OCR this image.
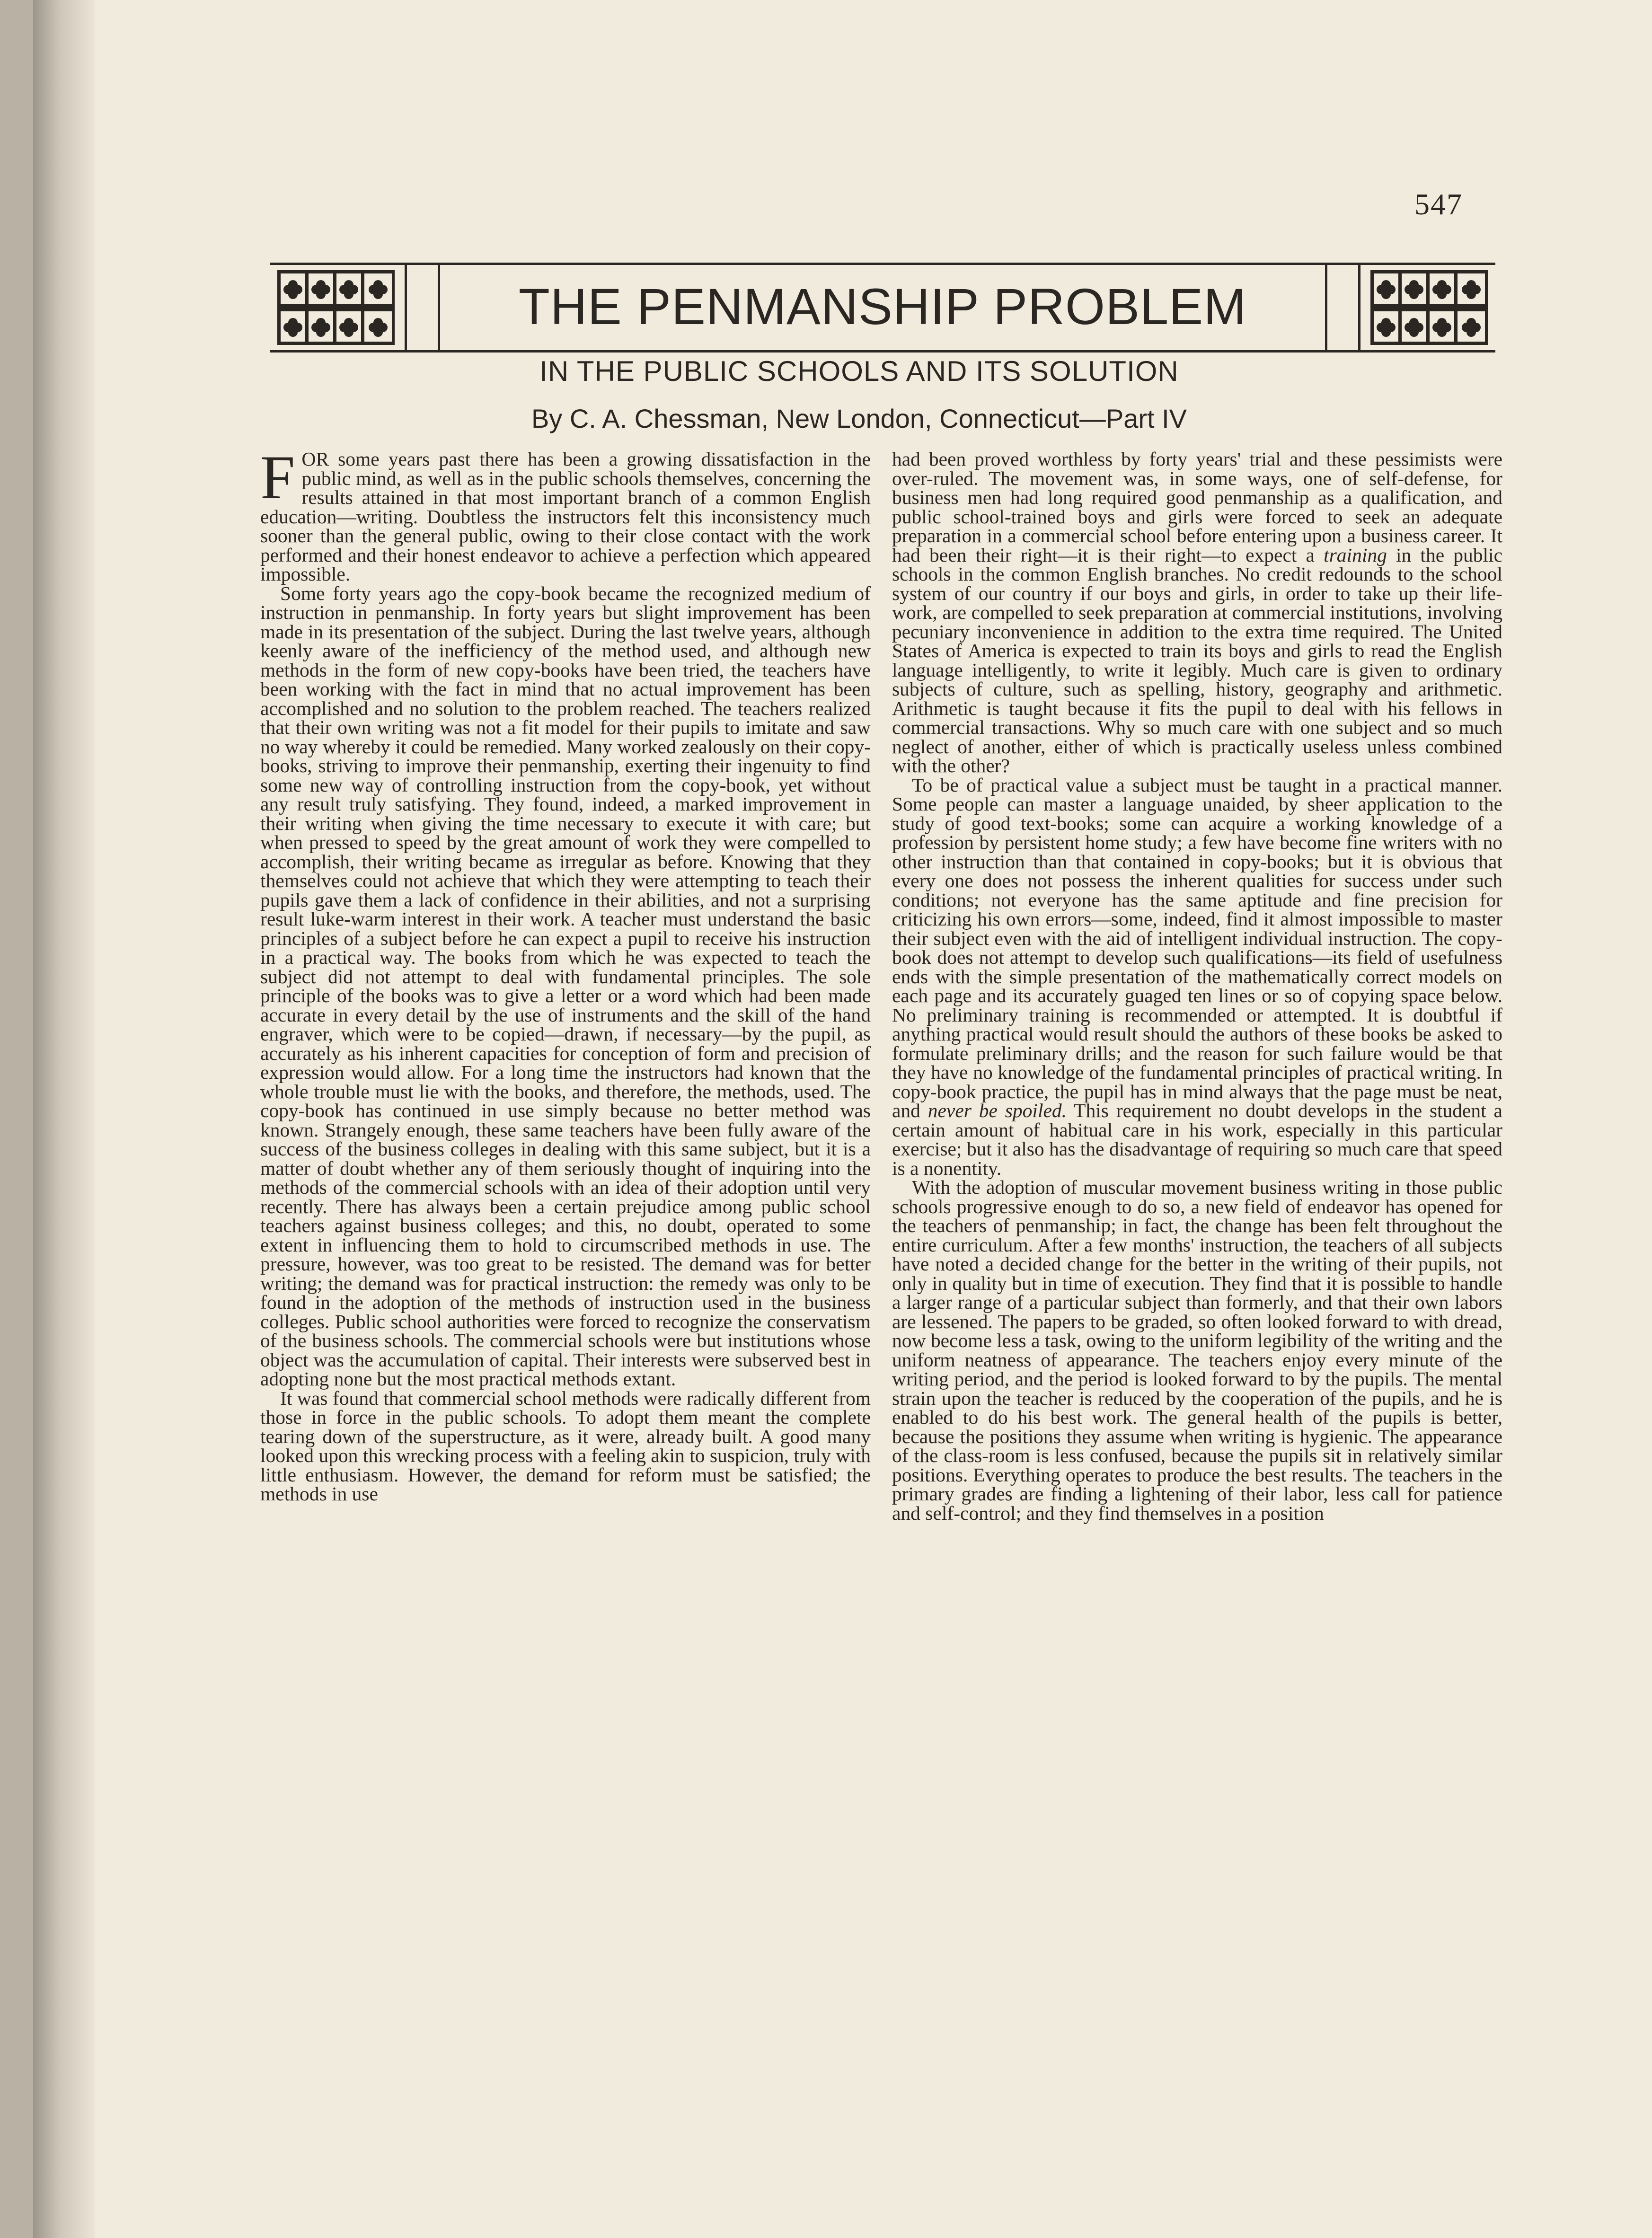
547
THE PENMANSHIP PROBLEM
IN THE PUBLIC SCHOOLS AND ITS SOLUTION
By C. A. Chessman, New London, Connecticut—Part IV

FOR some years past there has been a growing dissatisfaction in the public mind, as well as in the public schools themselves, concerning the results attained in that most important branch of a common English education—writing. Doubtless the instructors felt this inconsistency much sooner than the general public, owing to their close contact with the work performed and their honest endeavor to achieve a perfection which appeared impossible.

Some forty years ago the copy-book became the recognized medium of instruction in penmanship. In forty years but slight improvement has been made in its presentation of the subject. During the last twelve years, although keenly aware of the inefficiency of the method used, and although new methods in the form of new copy-books have been tried, the teachers have been working with the fact in mind that no actual improvement has been accomplished and no solution to the problem reached. The teachers realized that their own writing was not a fit model for their pupils to imitate and saw no way whereby it could be remedied. Many worked zealously on their copy-books, striving to improve their penmanship, exerting their ingenuity to find some new way of controlling instruction from the copy-book, yet without any result truly satisfying. They found, indeed, a marked improvement in their writing when giving the time necessary to execute it with care; but when pressed to speed by the great amount of work they were compelled to accomplish, their writing became as irregular as before. Knowing that they themselves could not achieve that which they were attempting to teach their pupils gave them a lack of confidence in their abilities, and not a surprising result luke-warm interest in their work. A teacher must understand the basic principles of a subject before he can expect a pupil to receive his instruction in a practical way. The books from which he was expected to teach the subject did not attempt to deal with fundamental principles. The sole principle of the books was to give a letter or a word which had been made accurate in every detail by the use of instruments and the skill of the hand engraver, which were to be copied—drawn, if necessary—by the pupil, as accurately as his inherent capacities for conception of form and precision of expression would allow. For a long time the instructors had known that the whole trouble must lie with the books, and therefore, the methods, used. The copy-book has continued in use simply because no better method was known. Strangely enough, these same teachers have been fully aware of the success of the business colleges in dealing with this same subject, but it is a matter of doubt whether any of them seriously thought of inquiring into the methods of the commercial schools with an idea of their adoption until very recently. There has always been a certain prejudice among public school teachers against business colleges; and this, no doubt, operated to some extent in influencing them to hold to circumscribed methods in use. The pressure, however, was too great to be resisted. The demand was for better writing; the demand was for practical instruction: the remedy was only to be found in the adoption of the methods of instruction used in the business colleges. Public school authorities were forced to recognize the conservatism of the business schools. The commercial schools were but institutions whose object was the accumulation of capital. Their interests were subserved best in adopting none but the most practical methods extant.

It was found that commercial school methods were radically different from those in force in the public schools. To adopt them meant the complete tearing down of the superstructure, as it were, already built. A good many looked upon this wrecking process with a feeling akin to suspicion, truly with little enthusiasm. However, the demand for reform must be satisfied; the methods in use

had been proved worthless by forty years' trial and these pessimists were over-ruled. The movement was, in some ways, one of self-defense, for business men had long required good penmanship as a qualification, and public school-trained boys and girls were forced to seek an adequate preparation in a commercial school before entering upon a business career. It had been their right—it is their right—to expect a training in the public schools in the common English branches. No credit redounds to the school system of our country if our boys and girls, in order to take up their life-work, are compelled to seek preparation at commercial institutions, involving pecuniary inconvenience in addition to the extra time required. The United States of America is expected to train its boys and girls to read the English language intelligently, to write it legibly. Much care is given to ordinary subjects of culture, such as spelling, history, geography and arithmetic. Arithmetic is taught because it fits the pupil to deal with his fellows in commercial transactions. Why so much care with one subject and so much neglect of another, either of which is practically useless unless combined with the other?

To be of practical value a subject must be taught in a practical manner. Some people can master a language unaided, by sheer application to the study of good text-books; some can acquire a working knowledge of a profession by persistent home study; a few have become fine writers with no other instruction than that contained in copy-books; but it is obvious that every one does not possess the inherent qualities for success under such conditions; not everyone has the same aptitude and fine precision for criticizing his own errors—some, indeed, find it almost impossible to master their subject even with the aid of intelligent individual instruction. The copy-book does not attempt to develop such qualifications—its field of usefulness ends with the simple presentation of the mathematically correct models on each page and its accurately guaged ten lines or so of copying space below. No preliminary training is recommended or attempted. It is doubtful if anything practical would result should the authors of these books be asked to formulate preliminary drills; and the reason for such failure would be that they have no knowledge of the fundamental principles of practical writing. In copy-book practice, the pupil has in mind always that the page must be neat, and never be spoiled. This requirement no doubt develops in the student a certain amount of habitual care in his work, especially in this particular exercise; but it also has the disadvantage of requiring so much care that speed is a nonentity.

With the adoption of muscular movement business writing in those public schools progressive enough to do so, a new field of endeavor has opened for the teachers of penmanship; in fact, the change has been felt throughout the entire curriculum. After a few months' instruction, the teachers of all subjects have noted a decided change for the better in the writing of their pupils, not only in quality but in time of execution. They find that it is possible to handle a larger range of a particular subject than formerly, and that their own labors are lessened. The papers to be graded, so often looked forward to with dread, now become less a task, owing to the uniform legibility of the writing and the uniform neatness of appearance. The teachers enjoy every minute of the writing period, and the period is looked forward to by the pupils. The mental strain upon the teacher is reduced by the cooperation of the pupils, and he is enabled to do his best work. The general health of the pupils is better, because the positions they assume when writing is hygienic. The appearance of the class-room is less confused, because the pupils sit in relatively similar positions. Everything operates to produce the best results. The teachers in the primary grades are finding a lightening of their labor, less call for patience and self-control; and they find themselves in a position
